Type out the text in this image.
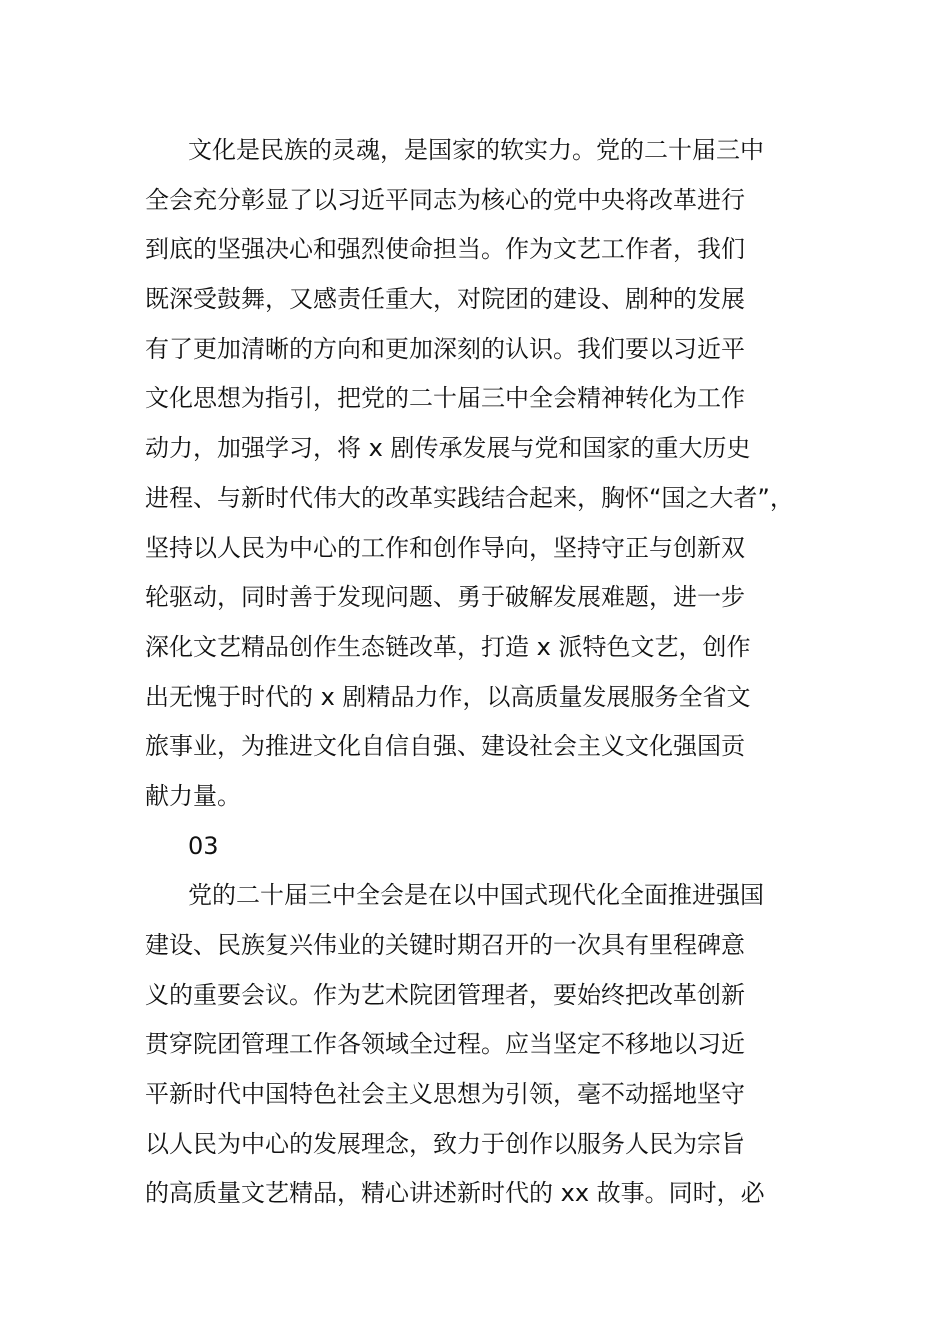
文化是民族的灵魂，是国家的软实力。党的二十届三中
全会充分彰显了以习近平同志为核心的党中央将改革进行
到底的坚强决心和强烈使命担当。作为文艺工作者，我们
既深受鼓舞，又感责任重大，对院团的建设、剧种的发展
有了更加清晰的方向和更加深刻的认识。我们要以习近平
文化思想为指引，把党的二十届三中全会精神转化为工作
动力，加强学习，将 x 剧传承发展与党和国家的重大历史
进程、与新时代伟大的改革实践结合起来，胸怀“国之大者”，
坚持以人民为中心的工作和创作导向，坚持守正与创新双
轮驱动，同时善于发现问题、勇于破解发展难题，进一步
深化文艺精品创作生态链改革，打造 x 派特色文艺，创作
出无愧于时代的 x 剧精品力作，以高质量发展服务全省文
旅事业，为推进文化自信自强、建设社会主义文化强国贡
献力量。
03
党的二十届三中全会是在以中国式现代化全面推进强国
建设、民族复兴伟业的关键时期召开的一次具有里程碑意
义的重要会议。作为艺术院团管理者，要始终把改革创新
贯穿院团管理工作各领域全过程。应当坚定不移地以习近
平新时代中国特色社会主义思想为引领，毫不动摇地坚守
以人民为中心的发展理念，致力于创作以服务人民为宗旨
的高质量文艺精品，精心讲述新时代的 xx 故事。同时，必
